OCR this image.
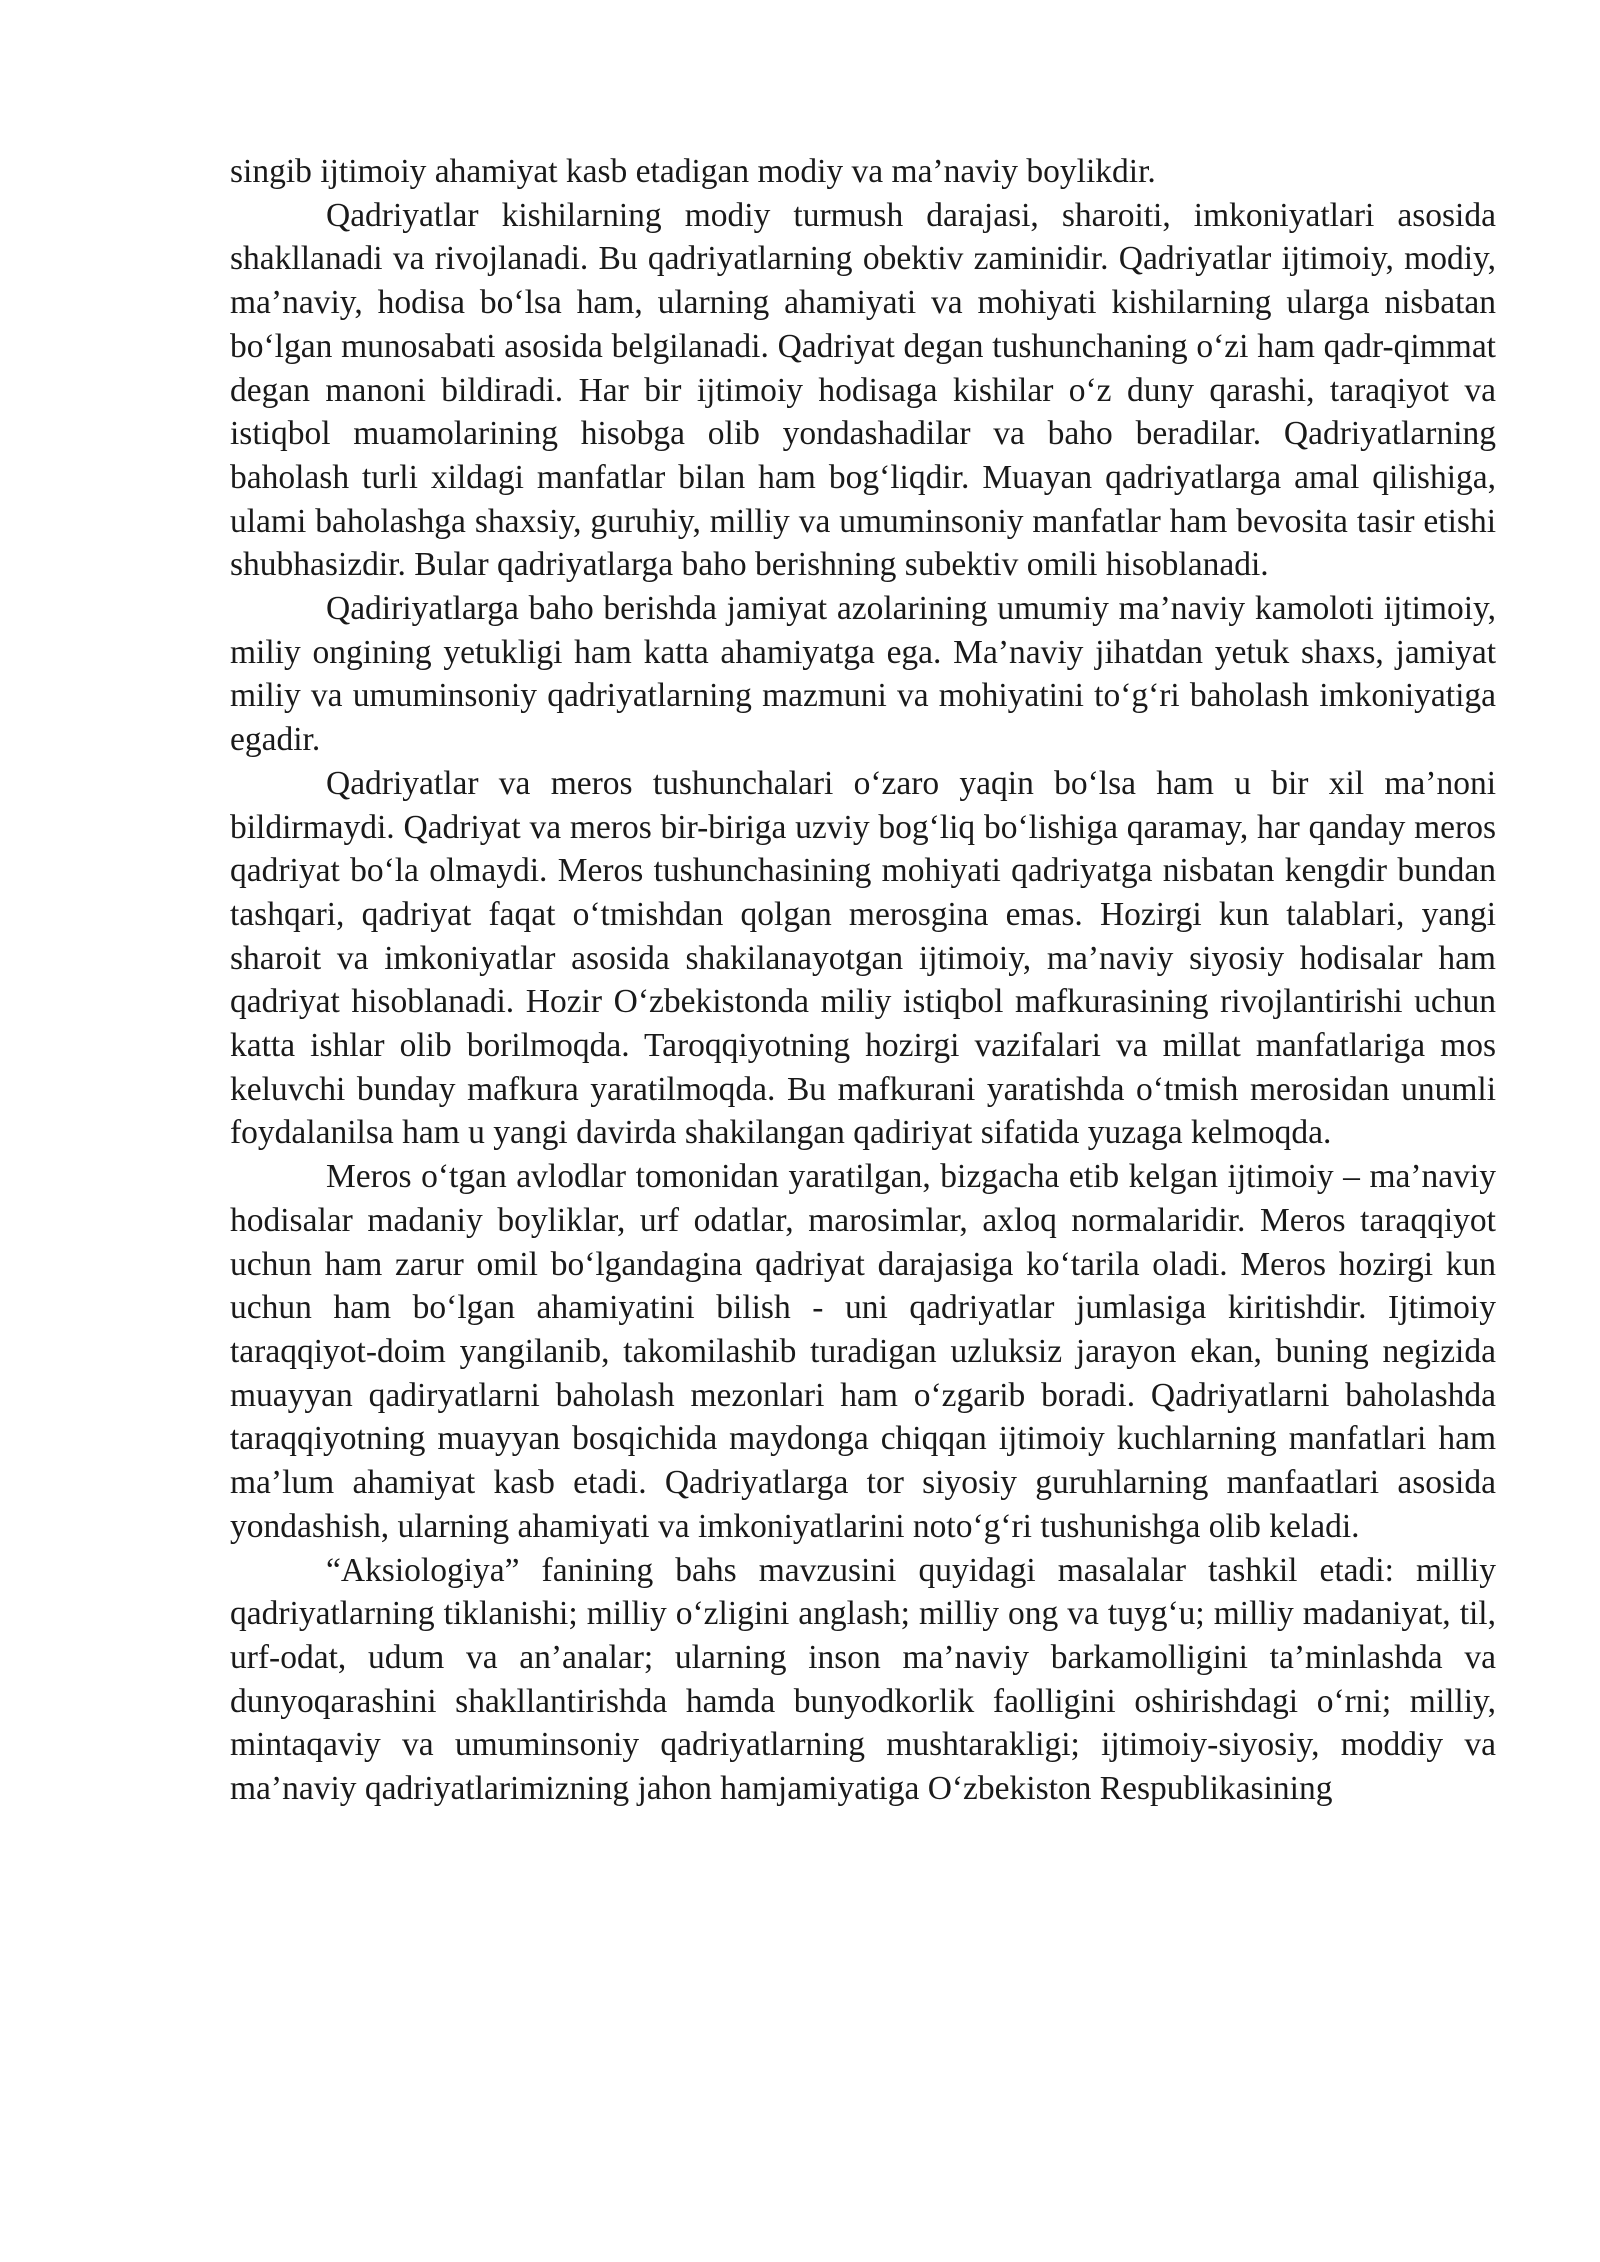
singib ijtimoiy ahamiyat kasb etadigan modiy va ma’naviy boylikdir.

Qadriyatlar kishilarning modiy turmush darajasi, sharoiti, imkoniyatlari asosida shakllanadi va rivojlanadi. Bu qadriyatlarning obektiv zaminidir. Qadriyatlar ijtimoiy, modiy, ma’naviy, hodisa bo‘lsa ham, ularning ahamiyati va mohiyati kishilarning ularga nisbatan bo‘lgan munosabati asosida belgilanadi. Qadriyat degan tushunchaning o‘zi ham qadr-qimmat degan manoni bildiradi. Har bir ijtimoiy hodisaga kishilar o‘z duny qarashi, taraqiyot va istiqbol muamolarining hisobga olib yondashadilar va baho beradilar. Qadriyatlarning baholash turli xildagi manfatlar bilan ham bog‘liqdir. Muayan qadriyatlarga amal qilishiga, ulami baholashga shaxsiy, guruhiy, milliy va umuminsoniy manfatlar ham bevosita tasir etishi shubhasizdir. Bular qadriyatlarga baho berishning subektiv omili hisoblanadi.

Qadiriyatlarga baho berishda jamiyat azolarining umumiy ma’naviy kamoloti ijtimoiy, miliy ongining yetukligi ham katta ahamiyatga ega. Ma’naviy jihatdan yetuk shaxs, jamiyat miliy va umuminsoniy qadriyatlarning mazmuni va mohiyatini to‘g‘ri baholash imkoniyatiga egadir.

Qadriyatlar va meros tushunchalari o‘zaro yaqin bo‘lsa ham u bir xil ma’noni bildirmaydi. Qadriyat va meros bir-biriga uzviy bog‘liq bo‘lishiga qaramay, har qanday meros qadriyat bo‘la olmaydi. Meros tushunchasining mohiyati qadriyatga nisbatan kengdir bundan tashqari, qadriyat faqat o‘tmishdan qolgan merosgina emas. Hozirgi kun talablari, yangi sharoit va imkoniyatlar asosida shakilanayotgan ijtimoiy, ma’naviy siyosiy hodisalar ham qadriyat hisoblanadi. Hozir O‘zbekistonda miliy istiqbol mafkurasining rivojlantirishi uchun katta ishlar olib borilmoqda. Taroqqiyotning hozirgi vazifalari va millat manfatlariga mos keluvchi bunday mafkura yaratilmoqda. Bu mafkurani yaratishda o‘tmish merosidan unumli foydalanilsa ham u yangi davirda shakilangan qadiriyat sifatida yuzaga kelmoqda.

Meros o‘tgan avlodlar tomonidan yaratilgan, bizgacha etib kelgan ijtimoiy – ma’naviy hodisalar madaniy boyliklar, urf odatlar, marosimlar, axloq normalaridir. Meros taraqqiyot uchun ham zarur omil bo‘lgandagina qadriyat darajasiga ko‘tarila oladi. Meros hozirgi kun uchun ham bo‘lgan ahamiyatini bilish - uni qadriyatlar jumlasiga kiritishdir. Ijtimoiy taraqqiyot-doim yangilanib, takomilashib turadigan uzluksiz jarayon ekan, buning negizida muayyan qadiryatlarni baholash mezonlari ham o‘zgarib boradi. Qadriyatlarni baholashda taraqqiyotning muayyan bosqichida maydonga chiqqan ijtimoiy kuchlarning manfatlari ham ma’lum ahamiyat kasb etadi. Qadriyatlarga tor siyosiy guruhlarning manfaatlari asosida yondashish, ularning ahamiyati va imkoniyatlarini noto‘g‘ri tushunishga olib keladi.

“Aksiologiya” fanining bahs mavzusini quyidagi masalalar tashkil etadi: milliy qadriyatlarning tiklanishi; milliy o‘zligini anglash; milliy ong va tuyg‘u; milliy madaniyat, til, urf-odat, udum va an’analar; ularning inson ma’naviy barkamolligini ta’minlashda va dunyoqarashini shakllantirishda hamda bunyodkorlik faolligini oshirishdagi o‘rni; milliy, mintaqaviy va umuminsoniy qadriyatlarning mushtarakligi; ijtimoiy-siyosiy, moddiy va ma’naviy qadriyatlarimizning jahon hamjamiyatiga O‘zbekiston Respublikasining
